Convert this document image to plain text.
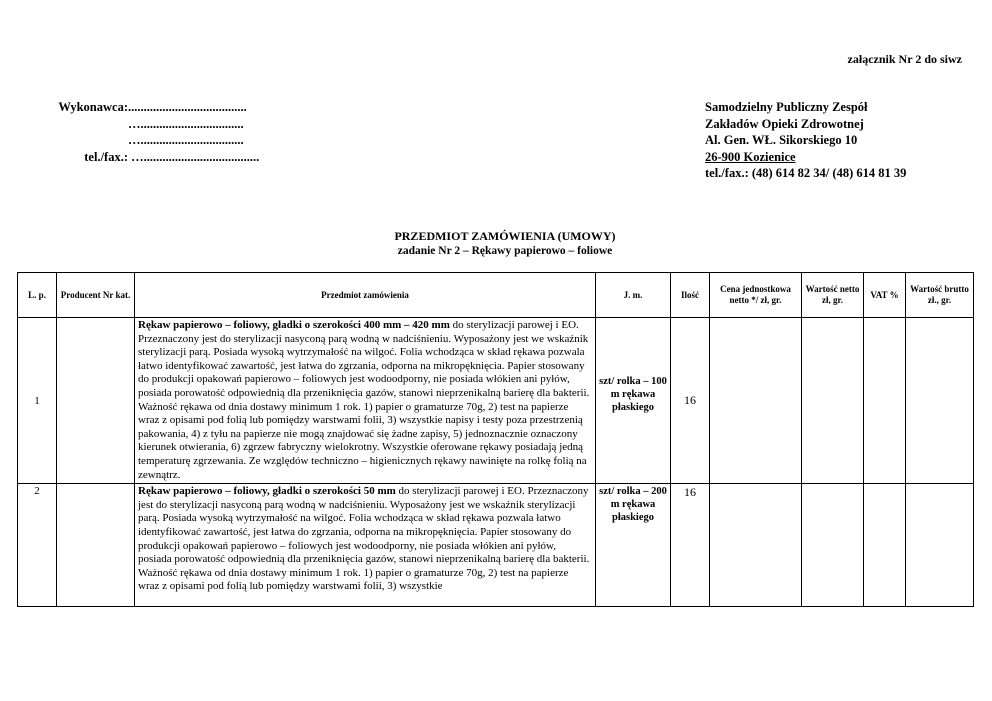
załącznik Nr 2 do siwz
Wykonawca:......................................
….................................
….................................
tel./fax.: ….....................................
Samodzielny Publiczny Zespół
Zakładów Opieki Zdrowotnej
Al. Gen. WŁ. Sikorskiego 10
26-900 Kozienice
tel./fax.: (48) 614 82 34/ (48) 614 81 39
PRZEDMIOT ZAMÓWIENIA (UMOWY)
zadanie Nr 2 – Rękawy papierowo – foliowe
L. p.	Producent Nr kat.	Przedmiot zamówienia	J. m.	Ilość	Cena jednostkowa netto */ zł, gr.	Wartość netto zł, gr.	VAT %	Wartość brutto zł., gr.
1		Rękaw papierowo – foliowy, gładki o szerokości 400 mm – 420 mm do sterylizacji parowej i EO. Przeznaczony jest do sterylizacji nasyconą parą wodną w nadciśnieniu. Wyposażony jest we wskaźnik sterylizacji parą. Posiada wysoką wytrzymałość na wilgoć. Folia wchodząca w skład rękawa pozwala łatwo identyfikować zawartość, jest łatwa do zgrzania, odporna na mikropęknięcia. Papier stosowany do produkcji opakowań papierowo – foliowych jest wodoodporny, nie posiada włókien ani pyłów, posiada porowatość odpowiednią dla przeniknięcia gazów, stanowi nieprzenikalną barierę dla bakterii. Ważność rękawa od dnia dostawy minimum 1 rok. 1) papier o gramaturze 70g, 2) test na papierze wraz z opisami pod folią lub pomiędzy warstwami folii, 3) wszystkie napisy i testy poza przestrzenią pakowania, 4) z tyłu na papierze nie mogą znajdować się żadne zapisy, 5) jednoznacznie oznaczony kierunek otwierania, 6) zgrzew fabryczny wielokrotny. Wszystkie oferowane rękawy posiadają jedną temperaturę zgrzewania. Ze względów techniczno – higienicznych rękawy nawinięte na rolkę folią na zewnątrz.	szt/ rolka – 100 m rękawa płaskiego	16				
2		Rękaw papierowo – foliowy, gładki o szerokości 50 mm do sterylizacji parowej i EO. Przeznaczony jest do sterylizacji nasyconą parą wodną w nadciśnieniu. Wyposażony jest we wskaźnik sterylizacji parą. Posiada wysoką wytrzymałość na wilgoć. Folia wchodząca w skład rękawa pozwala łatwo identyfikować zawartość, jest łatwa do zgrzania, odporna na mikropęknięcia. Papier stosowany do produkcji opakowań papierowo – foliowych jest wodoodporny, nie posiada włókien ani pyłów, posiada porowatość odpowiednią dla przeniknięcia gazów, stanowi nieprzenikalną barierę dla bakterii. Ważność rękawa od dnia dostawy minimum 1 rok. 1) papier o gramaturze 70g, 2) test na papierze wraz z opisami pod folią lub pomiędzy warstwami folii, 3) wszystkie	szt/ rolka – 200 m rękawa płaskiego	16				
